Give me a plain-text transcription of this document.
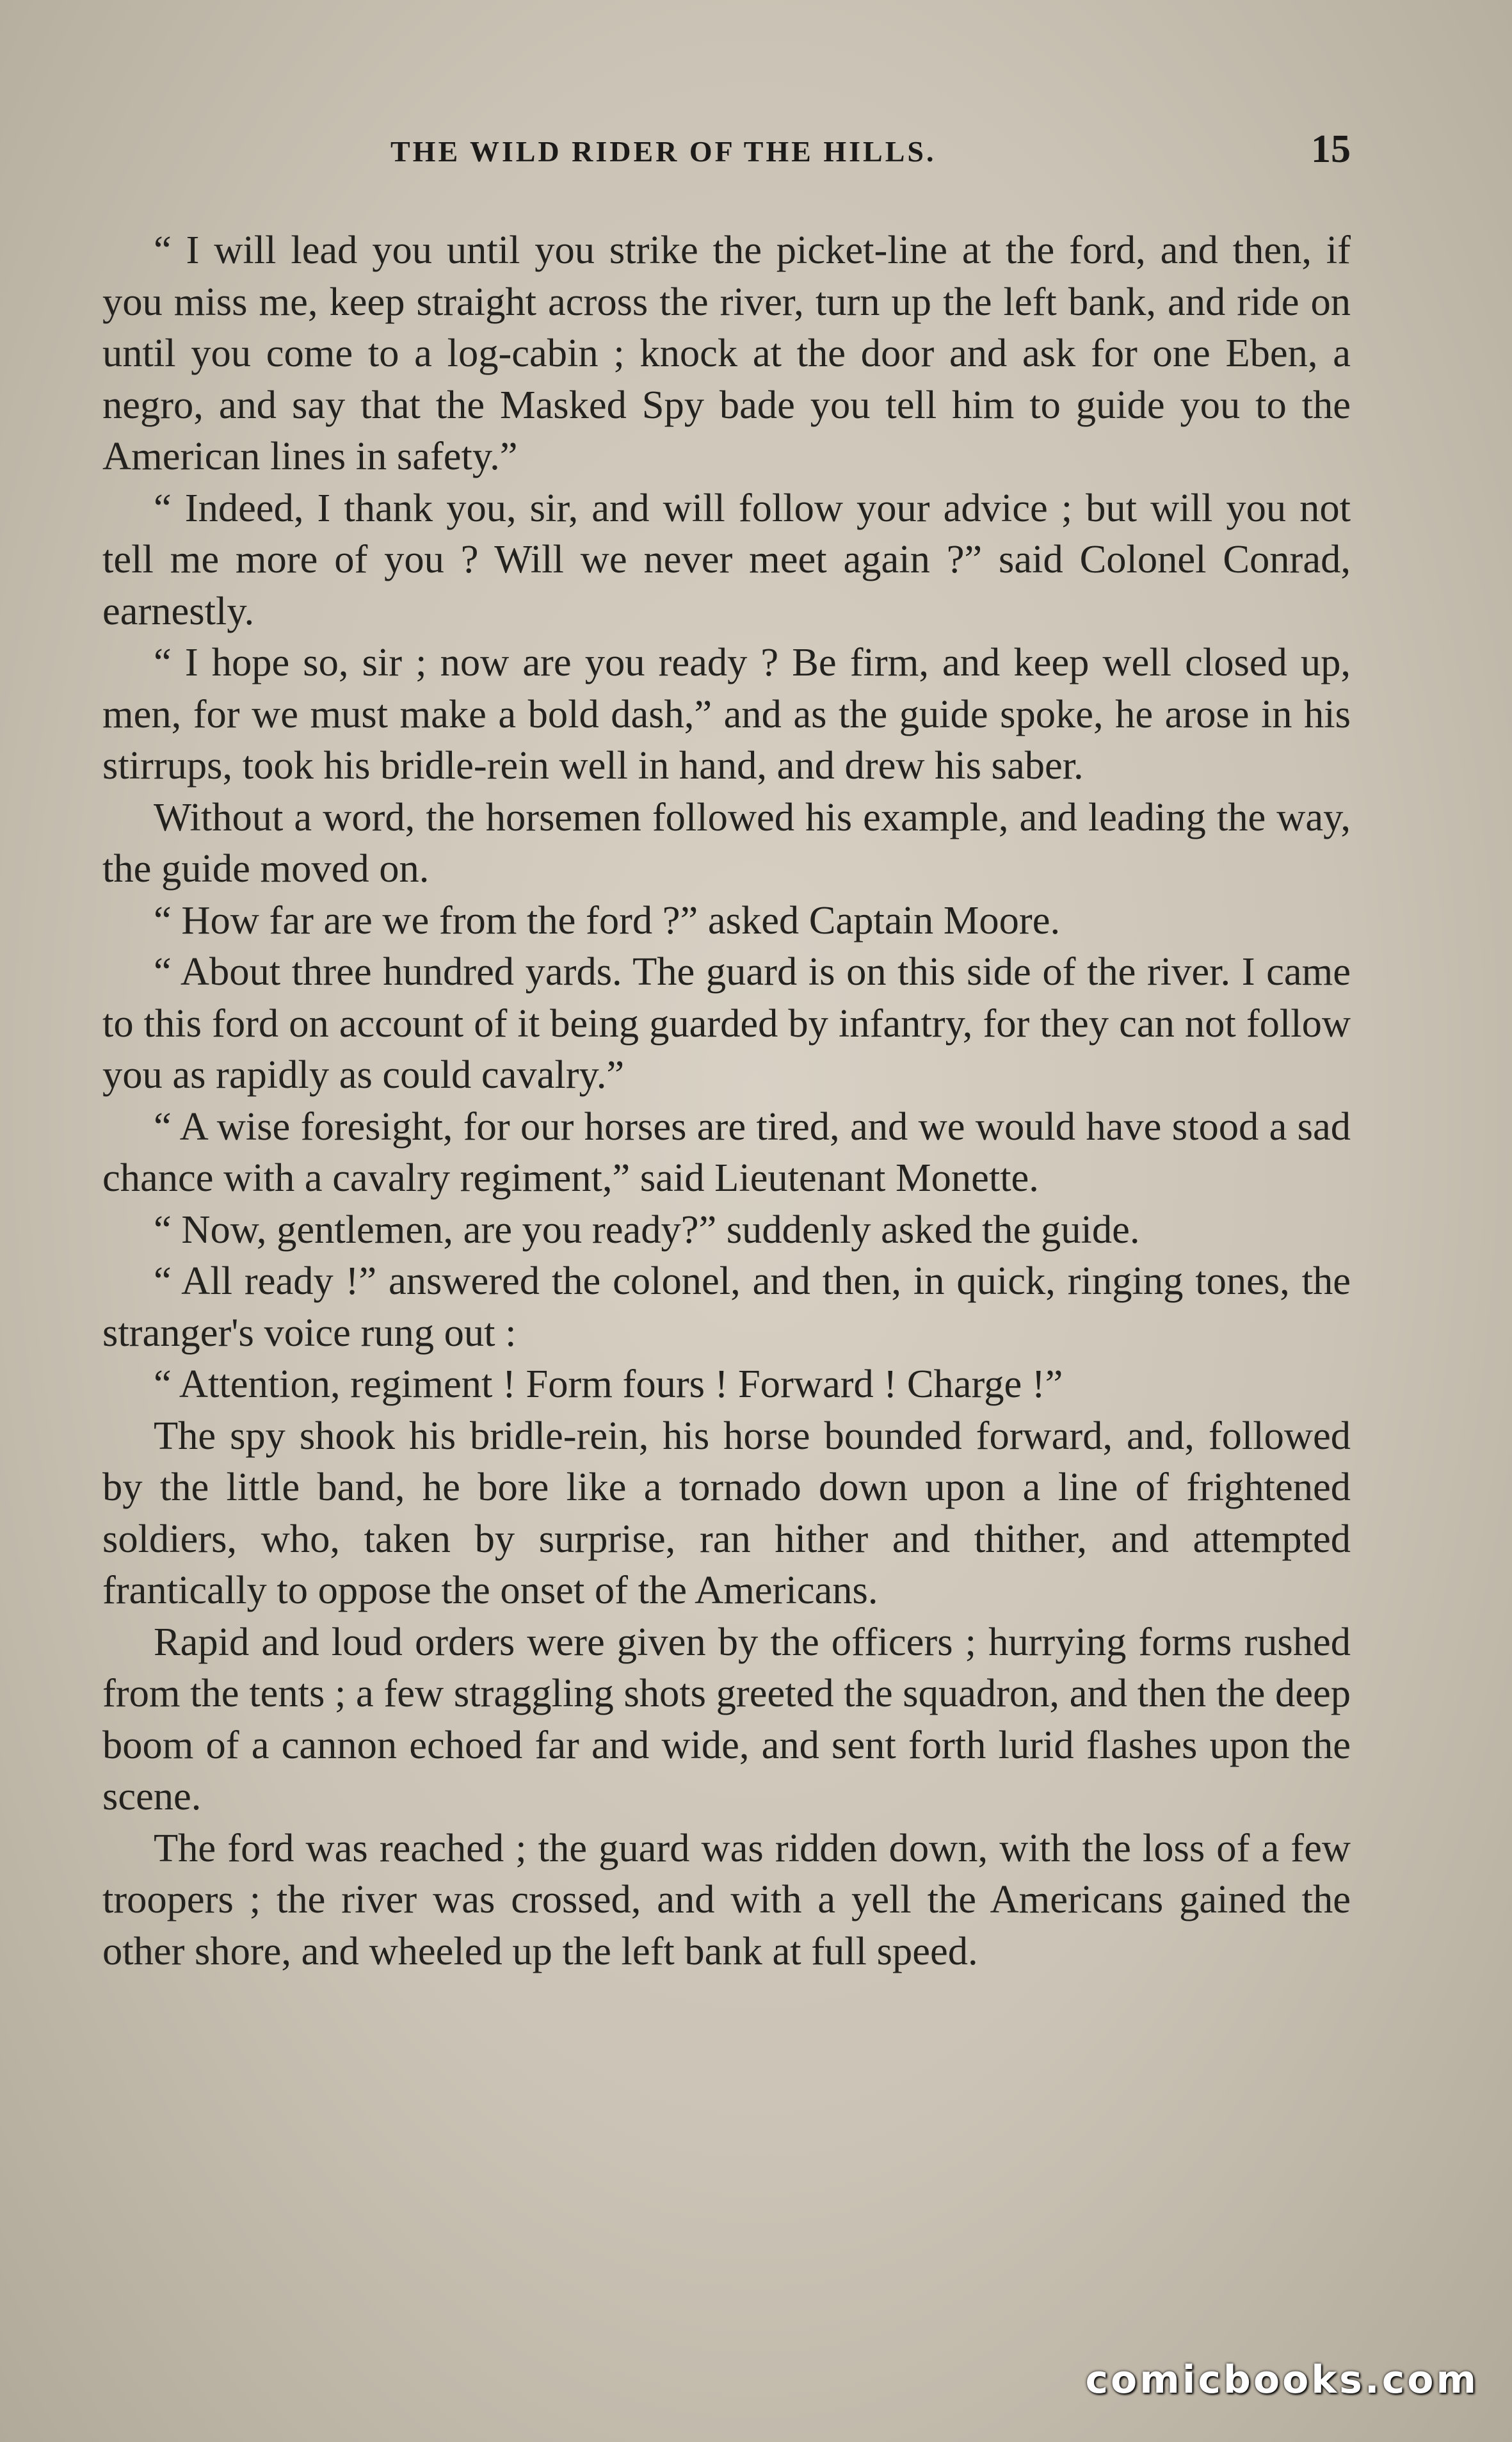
THE WILD RIDER OF THE HILLS.	15

“ I will lead you until you strike the picket-line at the ford, and then, if you miss me, keep straight across the river, turn up the left bank, and ride on until you come to a log-cabin ; knock at the door and ask for one Eben, a negro, and say that the Masked Spy bade you tell him to guide you to the American lines in safety.”

“ Indeed, I thank you, sir, and will follow your advice ; but will you not tell me more of you ? Will we never meet again ?” said Colonel Conrad, earnestly.

“ I hope so, sir ; now are you ready ? Be firm, and keep well closed up, men, for we must make a bold dash,” and as the guide spoke, he arose in his stirrups, took his bridle-rein well in hand, and drew his saber.

Without a word, the horsemen followed his example, and leading the way, the guide moved on.

“ How far are we from the ford ?” asked Captain Moore.

“ About three hundred yards. The guard is on this side of the river. I came to this ford on account of it being guarded by infantry, for they can not follow you as rapidly as could cavalry.”

“ A wise foresight, for our horses are tired, and we would have stood a sad chance with a cavalry regiment,” said Lieutenant Monette.

“ Now, gentlemen, are you ready?” suddenly asked the guide.

“ All ready !” answered the colonel, and then, in quick, ringing tones, the stranger's voice rung out :

“ Attention, regiment ! Form fours ! Forward ! Charge !”

The spy shook his bridle-rein, his horse bounded forward, and, followed by the little band, he bore like a tornado down upon a line of frightened soldiers, who, taken by surprise, ran hither and thither, and attempted frantically to oppose the onset of the Americans.

Rapid and loud orders were given by the officers ; hurrying forms rushed from the tents ; a few straggling shots greeted the squadron, and then the deep boom of a cannon echoed far and wide, and sent forth lurid flashes upon the scene.

The ford was reached ; the guard was ridden down, with the loss of a few troopers ; the river was crossed, and with a yell the Americans gained the other shore, and wheeled up the left bank at full speed.

comicbooks.com
